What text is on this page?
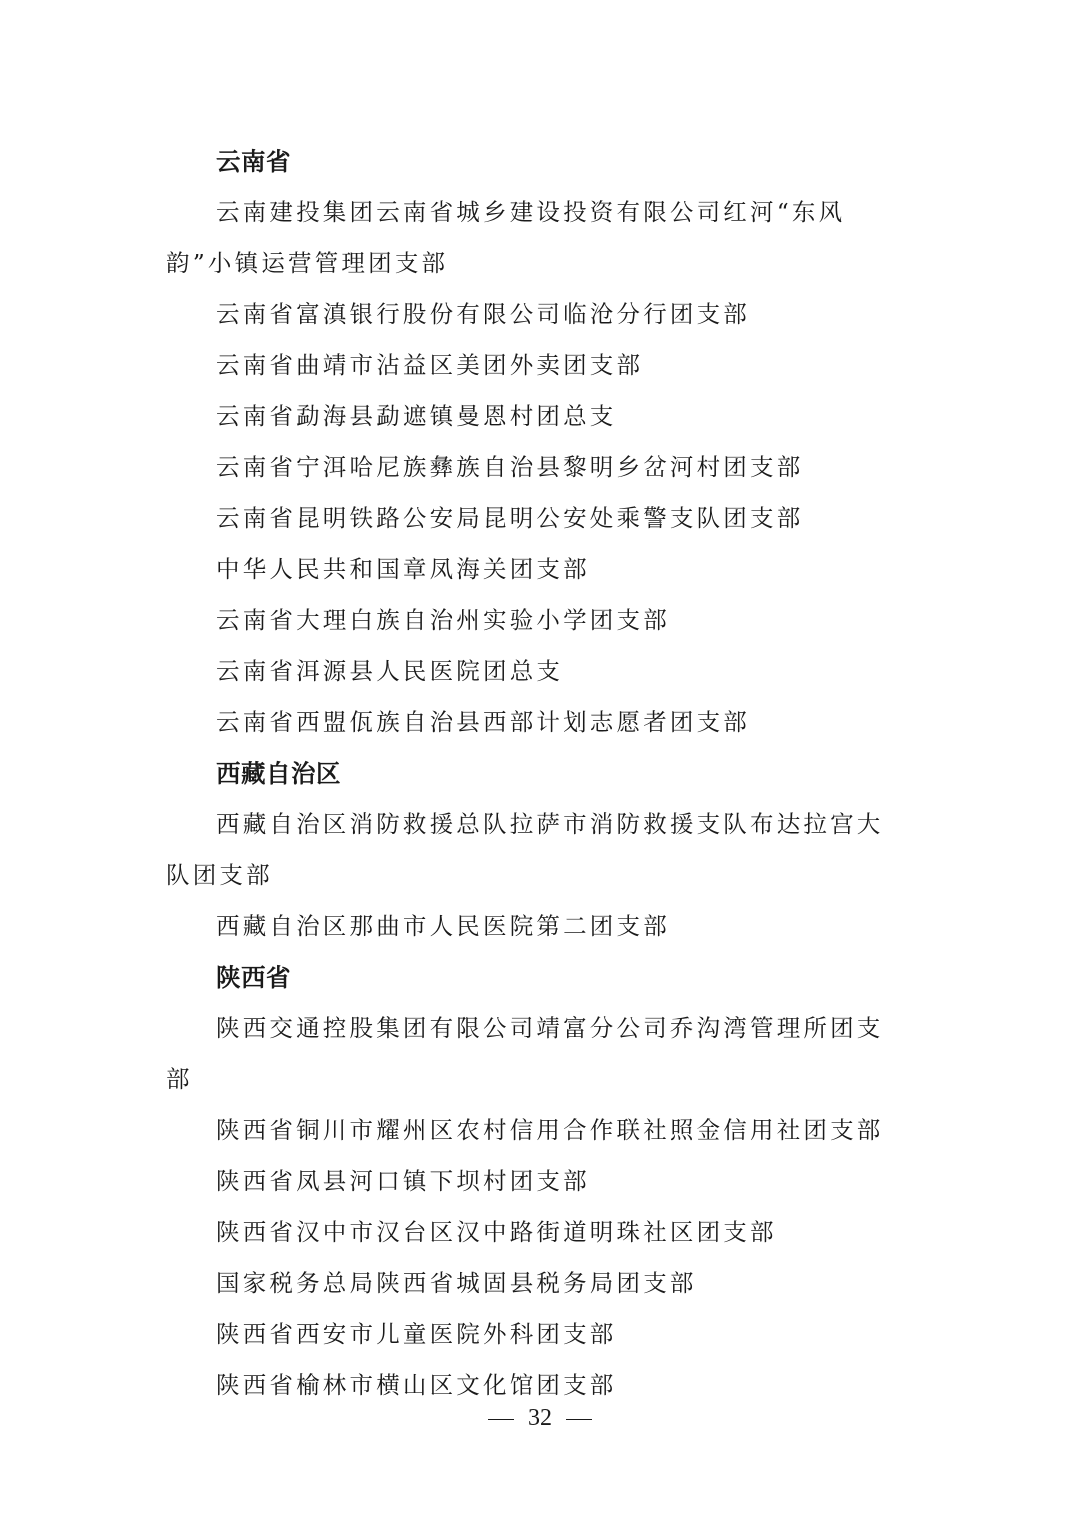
云南省

云南建投集团云南省城乡建设投资有限公司红河“东风韵”小镇运营管理团支部

云南省富滇银行股份有限公司临沧分行团支部

云南省曲靖市沾益区美团外卖团支部

云南省勐海县勐遮镇曼恩村团总支

云南省宁洱哈尼族彝族自治县黎明乡岔河村团支部

云南省昆明铁路公安局昆明公安处乘警支队团支部

中华人民共和国章凤海关团支部

云南省大理白族自治州实验小学团支部

云南省洱源县人民医院团总支

云南省西盟佤族自治县西部计划志愿者团支部

西藏自治区

西藏自治区消防救援总队拉萨市消防救援支队布达拉宫大队团支部

西藏自治区那曲市人民医院第二团支部

陕西省

陕西交通控股集团有限公司靖富分公司乔沟湾管理所团支部

陕西省铜川市耀州区农村信用合作联社照金信用社团支部

陕西省凤县河口镇下坝村团支部

陕西省汉中市汉台区汉中路街道明珠社区团支部

国家税务总局陕西省城固县税务局团支部

陕西省西安市儿童医院外科团支部

陕西省榆林市横山区文化馆团支部

32
